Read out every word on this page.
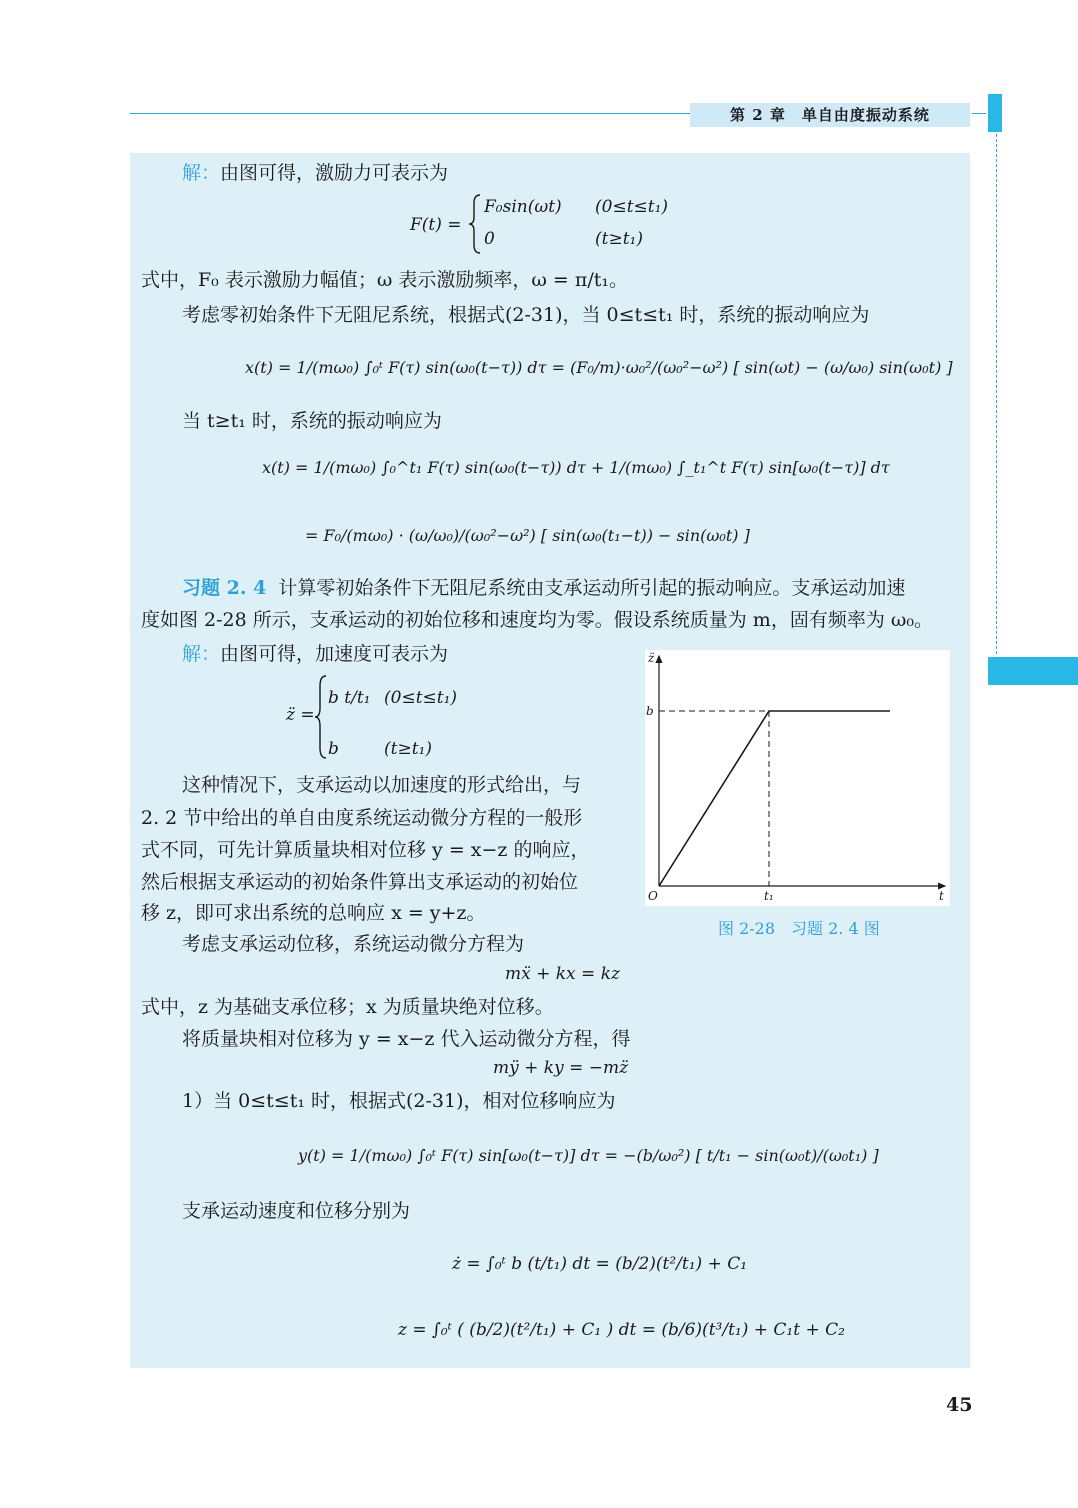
第 2 章　单自由度振动系统
解：由图可得，激励力可表示为
F(t) =
F₀sin(ωt) (0≤t≤t₁)
0	(t≥t₁)
式中，F₀ 表示激励力幅值；ω 表示激励频率，ω = π/t₁。
考虑零初始条件下无阻尼系统，根据式(2-31)，当 0≤t≤t₁ 时，系统的振动响应为
x(t) = 1/(mω₀) ∫₀ᵗ F(τ) sin(ω₀(t−τ)) dτ = (F₀/m)·ω₀²/(ω₀²−ω²) [ sin(ωt) − (ω/ω₀) sin(ω₀t) ]
当 t≥t₁ 时，系统的振动响应为
x(t) = 1/(mω₀) ∫₀^t₁ F(τ) sin(ω₀(t−τ)) dτ + 1/(mω₀) ∫_t₁^t F(τ) sin[ω₀(t−τ)] dτ
= F₀/(mω₀) · (ω/ω₀)/(ω₀²−ω²) [ sin(ω₀(t₁−t)) − sin(ω₀t) ]
习题 2. 4 计算零初始条件下无阻尼系统由支承运动所引起的振动响应。支承运动加速
度如图 2-28 所示，支承运动的初始位移和速度均为零。假设系统质量为 m，固有频率为 ω₀。
解：由图可得，加速度可表示为
z̈ =
b t/t₁ (0≤t≤t₁)
b	(t≥t₁)
这种情况下，支承运动以加速度的形式给出，与
2. 2 节中给出的单自由度系统运动微分方程的一般形
式不同，可先计算质量块相对位移 y = x−z 的响应，
然后根据支承运动的初始条件算出支承运动的初始位
移 z，即可求出系统的总响应 x = y+z。
z̈
t
O
b
t₁
图 2-28　习题 2. 4 图
考虑支承运动位移，系统运动微分方程为
mẍ + kx = kz
式中，z 为基础支承位移；x 为质量块绝对位移。
将质量块相对位移为 y = x−z 代入运动微分方程，得
mÿ + ky = −mz̈
1）当 0≤t≤t₁ 时，根据式(2-31)，相对位移响应为
y(t) = 1/(mω₀) ∫₀ᵗ F(τ) sin[ω₀(t−τ)] dτ = −(b/ω₀²) [ t/t₁ − sin(ω₀t)/(ω₀t₁) ]
支承运动速度和位移分别为
ż = ∫₀ᵗ b (t/t₁) dt = (b/2)(t²/t₁) + C₁
z = ∫₀ᵗ ( (b/2)(t²/t₁) + C₁ ) dt = (b/6)(t³/t₁) + C₁t + C₂
45
